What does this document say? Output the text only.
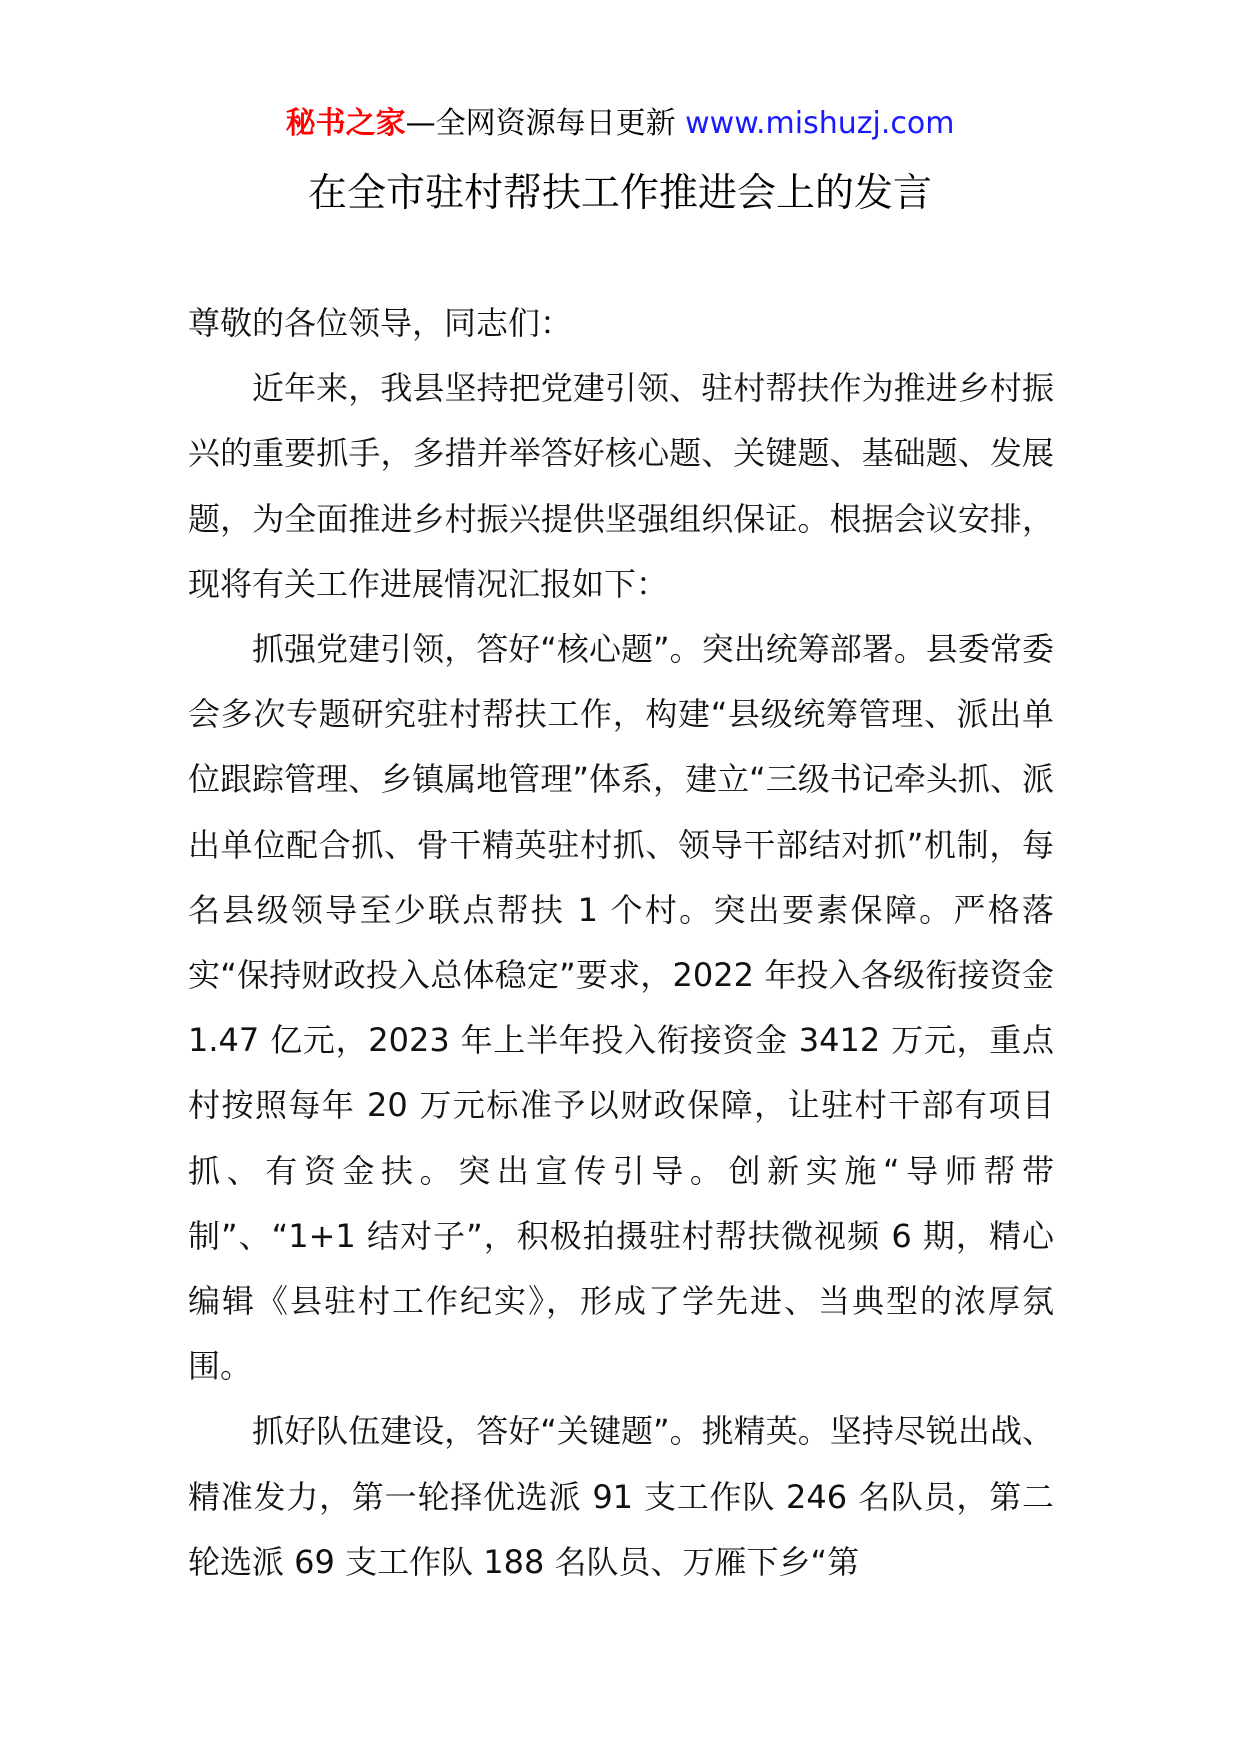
秘书之家—全网资源每日更新 www.mishuzj.com
在全市驻村帮扶工作推进会上的发言

尊敬的各位领导，同志们：

近年来，我县坚持把党建引领、驻村帮扶作为推进乡村振兴的重要抓手，多措并举答好核心题、关键题、基础题、发展题，为全面推进乡村振兴提供坚强组织保证。根据会议安排，现将有关工作进展情况汇报如下：

抓强党建引领，答好“核心题”。突出统筹部署。县委常委会多次专题研究驻村帮扶工作，构建“县级统筹管理、派出单位跟踪管理、乡镇属地管理”体系，建立“三级书记牵头抓、派出单位配合抓、骨干精英驻村抓、领导干部结对抓”机制，每名县级领导至少联点帮扶 1 个村。突出要素保障。严格落实“保持财政投入总体稳定”要求，2022 年投入各级衔接资金 1.47 亿元，2023 年上半年投入衔接资金 3412 万元，重点村按照每年 20 万元标准予以财政保障，让驻村干部有项目抓、有资金扶。突出宣传引导。创新实施“导师帮带制”、“1+1 结对子”，积极拍摄驻村帮扶微视频 6 期，精心编辑《县驻村工作纪实》，形成了学先进、当典型的浓厚氛围。

抓好队伍建设，答好“关键题”。挑精英。坚持尽锐出战、精准发力，第一轮择优选派 91 支工作队 246 名队员，第二轮选派 69 支工作队 188 名队员、万雁下乡“第
